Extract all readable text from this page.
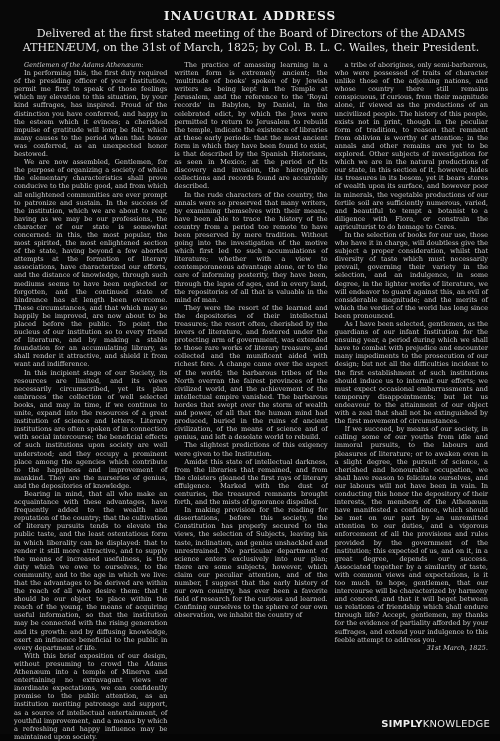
INAUGURAL ADDRESS
Delivered at the first stated meeting of the Board of Directors of the ADAMS ATHENÆUM, on the 31st of March, 1825; by Col. B. L. C. Wailes, their President.

Gentlemen of the Adams Athenæum:

In performing this, the first duty required of the presiding officer of your Institution, permit me first to speak of those feelings which my elevation to this situation, by your kind suffrages, has inspired. Proud of the distinction you have conferred, and happy in the esteem which it evinces; a cherished impulse of gratitude will long be felt, which many causes to the period when that honor was conferred, as an unexpected honor bestowed.

We are now assembled, Gentlemen, for the purpose of organizing a society of which the elementary characteristics shall prove conducive to the public good, and from which all enlightened communities are ever prompt to patronize and sustain. In the success of the institution, which we are about to rear, having as we may be our professions, the character of our state is somewhat concerned: in this, the most popular, the most spirited, the most enlightened section of the state, having beyond a few aborted attempts at the formation of literary associations, have characterized our efforts, and the distance of knowledge, through such mediums seems to have been neglected or forgotten, and the continued state of hindrance has at length been overcome. These circumstances, and that which may so happily be improved, are now about to be placed before the public. To point the nucleus of our institution so to every friend of literature, and by making a stable foundation for an accumulating library, as shall render it attractive, and shield it from want and indifference.

In this incipient stage of our Society, its resources are limited, and its views necessarily circumscribed, yet its plan embraces the collection of well selected books, and may in time, if we continue to unite, expand into the resources of a great institution of science and letters. Literary institutions are often spoken of in connection with social intercourse; the beneficial effects of such institutions upon society are well understood; and they occupy a prominent place among the agencies which contribute to the happiness and improvement of mankind. They are the nurseries of genius, and the depositories of knowledge.

Bearing in mind, that all who make an acquaintance with these advantages, have frequently added to the wealth and reputation of the country; that the cultivation of literary pursuits tends to elevate the public taste, and the least ostentatious form in which liberality can be displayed: that to render it still more attractive, and to supply the means of increased usefulness, is the duty which we owe to ourselves, to the community, and to the age in which we live: that the advantages to be derived are within the reach of all who desire them: that it should be our object to place within the reach of the young, the means of acquiring useful information, so that the institution may be connected with the rising generation and its growth: and by diffusing knowledge, exert an influence beneficial to the public in every department of life.

With this brief exposition of our design, without presuming to crowd the Adams Athenæum into a temple of Minerva and entertaining no extravagant views or inordinate expectations, we can confidently promise to the public attention, as an institution meriting patronage and support, as a source of intellectual entertainment, of youthful improvement, and a means by which a refreshing and happy influence may be maintained upon society.

The practice of amassing learning in a written form is extremely ancient; the 'multitude of books' spoken of by Jewish writers as being kept in the Temple at Jerusalem, and the reference to the 'Royal records' in Babylon, by Daniel, in the celebrated edict, by which the Jews were permitted to return to Jerusalem to rebuild the temple, indicate the existence of libraries at these early periods: that the most ancient form in which they have been found to exist, is that described by the Spanish Historians, as seen in Mexico; at the period of its discovery and invasion, the hieroglyphic collections and records found are accurately described.

In the rude characters of the country, the annals were so preserved that many writers, by examining themselves with their means, have been able to trace the history of the country from a period too remote to have been preserved by mere tradition. Without going into the investigation of the motive which first led to such accumulations of literature; whether with a view to contemporaneous advantage alone, or to the care of informing posterity, they have been, through the lapse of ages, and in every land, the repositories of all that is valuable in the mind of man.

They were the resort of the learned and the depositories of their intellectual treasures; the resort often, cherished by the lovers of literature, and fostered under the protecting arm of government, was extended to those rare works of literary treasure, and collected and the munificent aided with richest fere. A change came over the aspect of the world; the barbarous tribes of the North overran the fairest provinces of the civilized world, and the achievement of the intellectual empire vanished. The barbarous hordes that swept over the storm of wealth and power, of all that the human mind had produced, buried in the ruins of ancient civilization, of the means of science and of genius, and left a desolate world to rebuild.

The slightest predictions of this exigency were given to the Institution.

Amidst this state of intellectual darkness, from the libraries that remained, and from the cloisters gleaned the first rays of literary effulgence. Marked with the dust of centuries, the treasured remnants brought forth, and the mists of ignorance dispelled.

In making provision for the reading for dissertations, before this society, the Constitution has properly secured to the views, the selection of Subjects, leaving his taste, inclination, and genius unshackled and unrestrained. No particular department of science enters exclusively into our plan; there are some subjects, however, which claim our peculiar attention, and of the number, I suggest that the early history of our own country, has ever been a favorite field of research for the curious and learned. Confining ourselves to the sphere of our own observation, we inhabit the country of

a tribe of aborigines, only semi-barbarous, who were possessed of traits of character unlike those of the adjoining nations, and whose country there still remains conspicuous, if curious, from their magnitude alone, if viewed as the productions of an uncivilized people. The history of this people, exists not in print, though in the peculiar form of tradition, to reason that remnant from oblivion is worthy of attention; in the annals and other remains are yet to be explored. Other subjects of investigation for which we are in the natural productions of our state, in this section of it, however, hides its treasures in its bosom, yet it bears stores of wealth upon its surface, and however poor in minerals, the vegetable productions of our fertile soil are sufficiently numerous, varied, and beautiful to tempt a botanist to a diligence with Flora, or constrain the agriculturist to do homage to Ceres.

In the selection of books for our use, those who have it in charge, will doubtless give the subject a proper consideration, whilst that diversity of taste which must necessarily prevail, governing their variety in the selection, and an indulgence, in some degree, in the lighter works of literature, we will endeavor to guard against this, an evil of considerable magnitude; and the merits of which the verdict of the world has long since been pronounced.

As I have been selected, gentlemen, as the guardians of our infant Institution for the ensuing year, a period during which we shall have to combat with prejudice and encounter many impediments to the prosecution of our design; but not all the difficulties incident to the first establishment of such institutions should induce us to intermit our efforts; we must expect occasional embarrassments and temporary disappointments; but let us endeavour to the attainment of our object with a zeal that shall not be extinguished by the first movement of circumstances.

If we succeed, by means of our society, in calling some of our youths from idle and immoral pursuits, to the labours and pleasures of literature; or to awaken even in a slight degree, the pursuit of science, a cherished and honourable occupation, we shall have reason to felicitate ourselves, and our labours will not have been in vain. In conducting this honor the depository of their interests, the members of the Athenæum have manifested a confidence, which should be met on our part by an unremitted attention to our duties, and a vigorous enforcement of all the provisions and rules provided by the government of the institution; this expected of us, and on it, in a great degree, depends our success. Associated together by a similarity of taste, with common views and expectations, is it too much to hope, gentlemen, that our intercourse will be characterized by harmony and concord, and that it will beget between us relations of friendship which shall endure through life? Accept, gentlemen, my thanks for the evidence of partiality afforded by your suffrages, and extend your indulgence to this feeble attempt to address you.

31st March, 1825.

SIMPLYKNOWLEDGE
